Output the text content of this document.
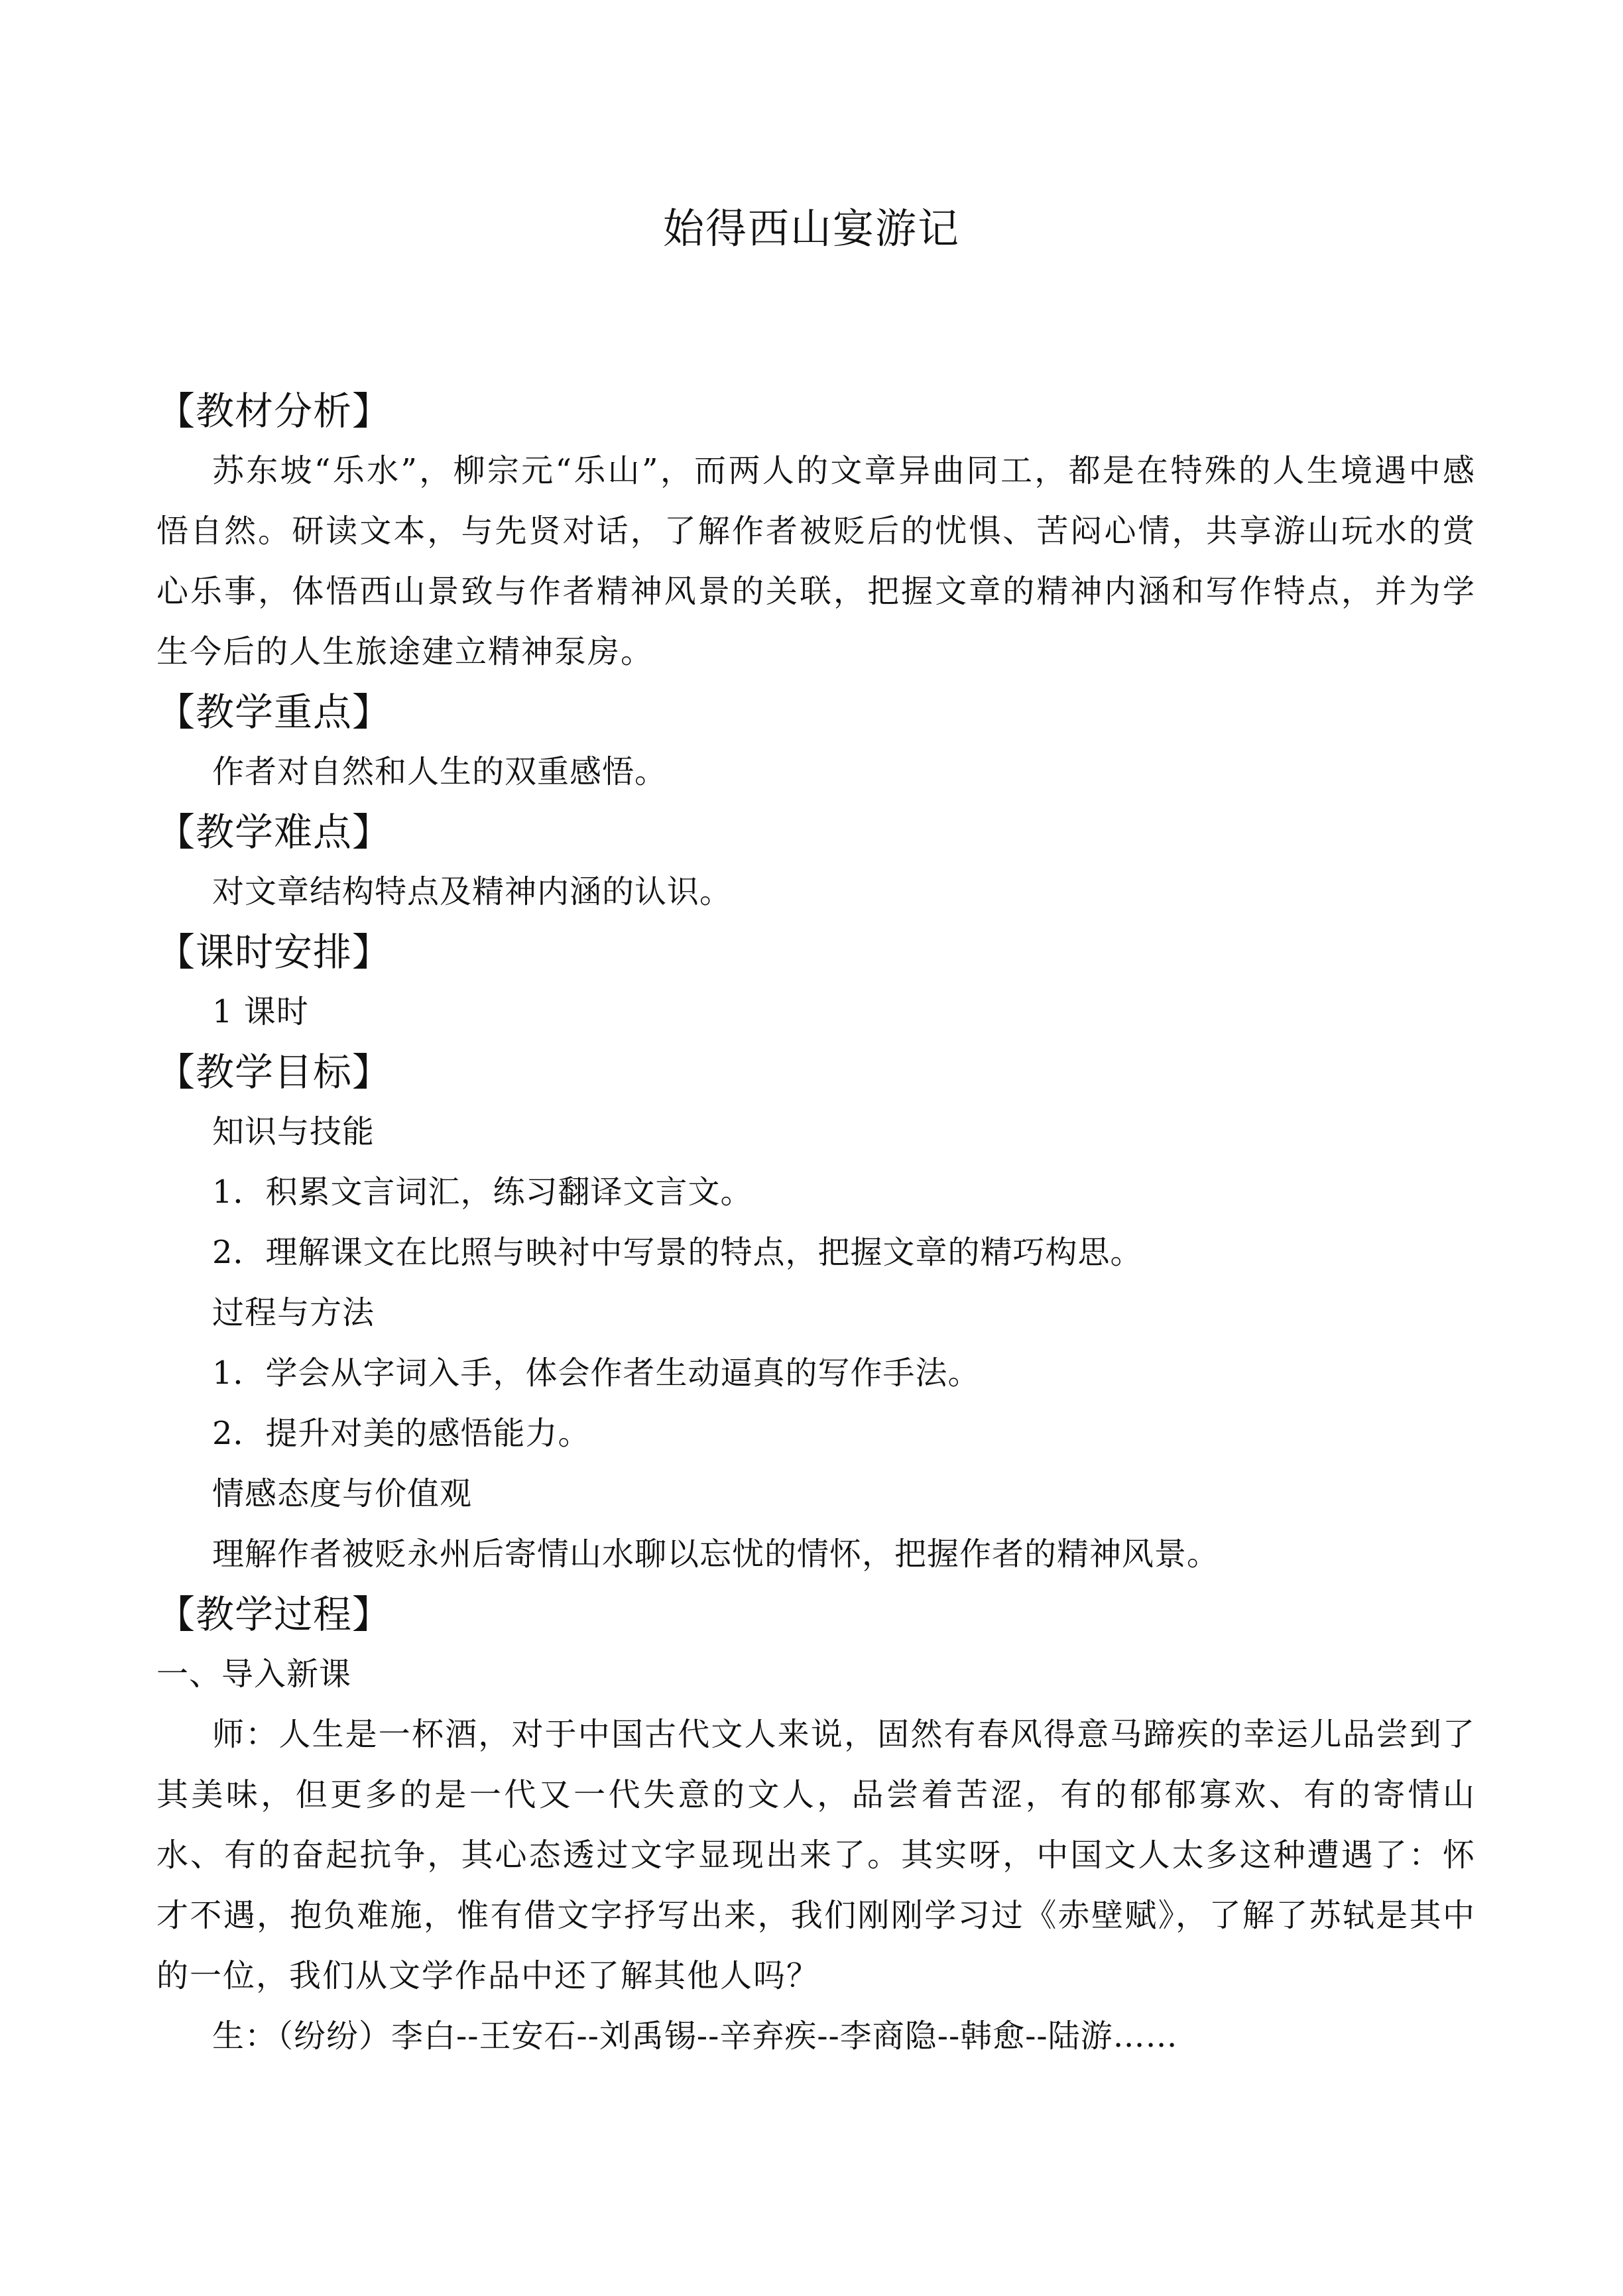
始得西山宴游记
【教材分析】

苏东坡“乐水”，柳宗元“乐山”，而两人的文章异曲同工，都是在特殊的人生境遇中感悟自然。研读文本，与先贤对话，了解作者被贬后的忧惧、苦闷心情，共享游山玩水的赏心乐事，体悟西山景致与作者精神风景的关联，把握文章的精神内涵和写作特点，并为学生今后的人生旅途建立精神泵房。

【教学重点】
作者对自然和人生的双重感悟。
【教学难点】
对文章结构特点及精神内涵的认识。
【课时安排】
1 课时
【教学目标】
知识与技能
1．积累文言词汇，练习翻译文言文。
2．理解课文在比照与映衬中写景的特点，把握文章的精巧构思。
过程与方法
1．学会从字词入手，体会作者生动逼真的写作手法。
2．提升对美的感悟能力。
情感态度与价值观
理解作者被贬永州后寄情山水聊以忘忧的情怀，把握作者的精神风景。
【教学过程】
一、导入新课

师：人生是一杯酒，对于中国古代文人来说，固然有春风得意马蹄疾的幸运儿品尝到了其美味，但更多的是一代又一代失意的文人，品尝着苦涩，有的郁郁寡欢、有的寄情山水、有的奋起抗争，其心态透过文字显现出来了。其实呀，中国文人太多这种遭遇了：怀才不遇，抱负难施，惟有借文字抒写出来，我们刚刚学习过《赤壁赋》，了解了苏轼是其中的一位，我们从文学作品中还了解其他人吗？

生：（纷纷）李白--王安石--刘禹锡--辛弃疾--李商隐--韩愈--陆游……
